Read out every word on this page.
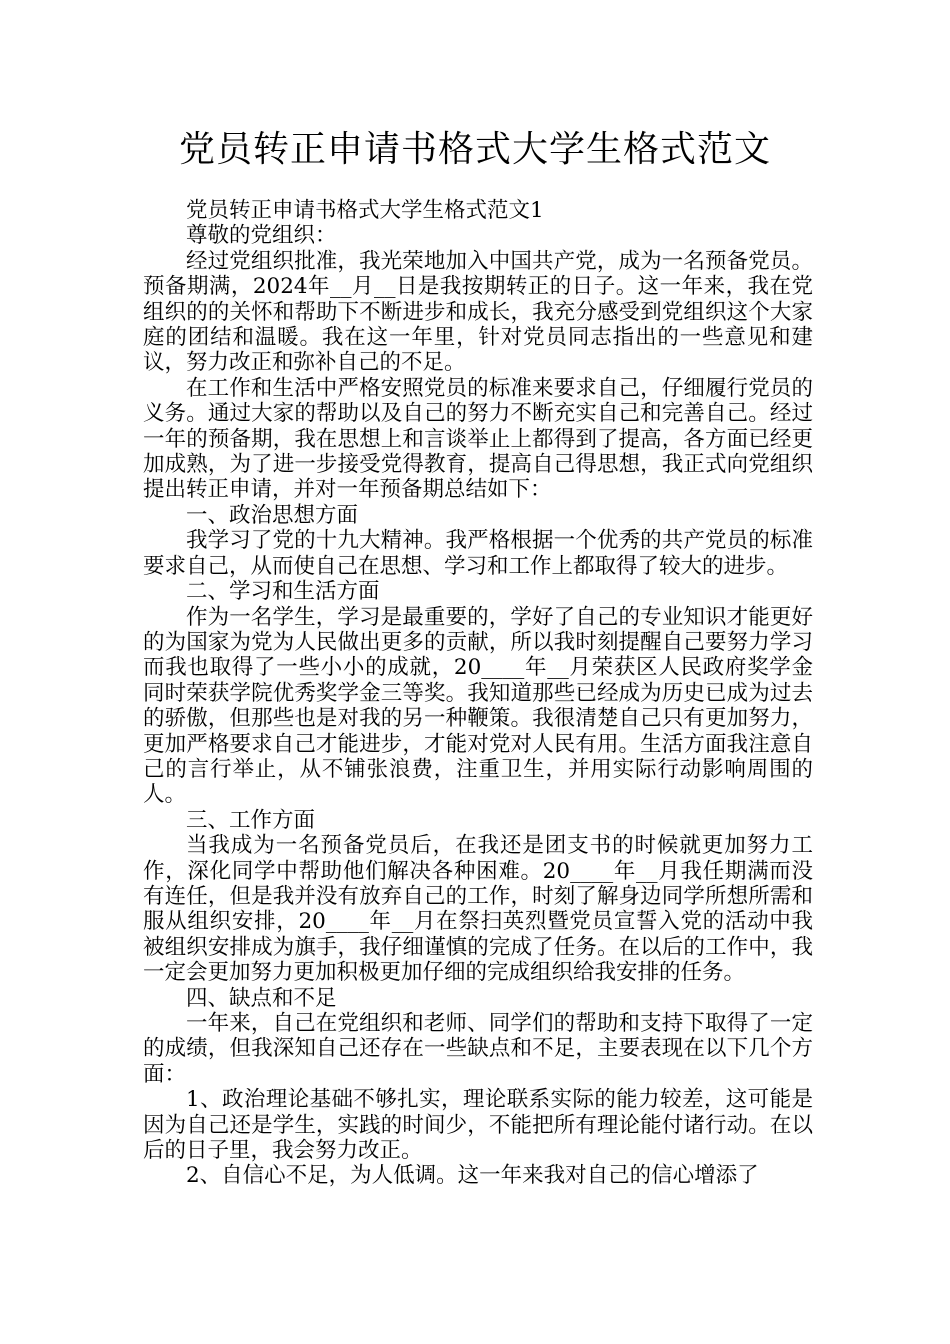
党员转正申请书格式大学生格式范文

党员转正申请书格式大学生格式范文1

尊敬的党组织：

经过党组织批准，我光荣地加入中国共产党，成为一名预备党员。预备期满，2024年__月__日是我按期转正的日子。这一年来，我在党组织的的关怀和帮助下不断进步和成长，我充分感受到党组织这个大家庭的团结和温暖。我在这一年里，针对党员同志指出的一些意见和建议，努力改正和弥补自己的不足。

在工作和生活中严格安照党员的标准来要求自己，仔细履行党员的义务。通过大家的帮助以及自己的努力不断充实自己和完善自己。经过一年的预备期，我在思想上和言谈举止上都得到了提高，各方面已经更加成熟，为了进一步接受党得教育，提高自己得思想，我正式向党组织提出转正申请，并对一年预备期总结如下：

一、政治思想方面

我学习了党的十九大精神。我严格根据一个优秀的共产党员的标准要求自己，从而使自己在思想、学习和工作上都取得了较大的进步。

二、学习和生活方面

作为一名学生，学习是最重要的，学好了自己的专业知识才能更好的为国家为党为人民做出更多的贡献，所以我时刻提醒自己要努力学习而我也取得了一些小小的成就，20____年__月荣获区人民政府奖学金同时荣获学院优秀奖学金三等奖。我知道那些已经成为历史已成为过去的骄傲，但那些也是对我的另一种鞭策。我很清楚自己只有更加努力，更加严格要求自己才能进步，才能对党对人民有用。生活方面我注意自己的言行举止，从不铺张浪费，注重卫生，并用实际行动影响周围的人。

三、工作方面

当我成为一名预备党员后，在我还是团支书的时候就更加努力工作，深化同学中帮助他们解决各种困难。20____年__月我任期满而没有连任，但是我并没有放弃自己的工作，时刻了解身边同学所想所需和服从组织安排，20____年__月在祭扫英烈暨党员宣誓入党的活动中我被组织安排成为旗手，我仔细谨慎的完成了任务。在以后的工作中，我一定会更加努力更加积极更加仔细的完成组织给我安排的任务。

四、缺点和不足

一年来，自己在党组织和老师、同学们的帮助和支持下取得了一定的成绩，但我深知自己还存在一些缺点和不足，主要表现在以下几个方面：

1、政治理论基础不够扎实，理论联系实际的能力较差，这可能是因为自己还是学生，实践的时间少，不能把所有理论能付诸行动。在以后的日子里，我会努力改正。

2、自信心不足，为人低调。这一年来我对自己的信心增添了
